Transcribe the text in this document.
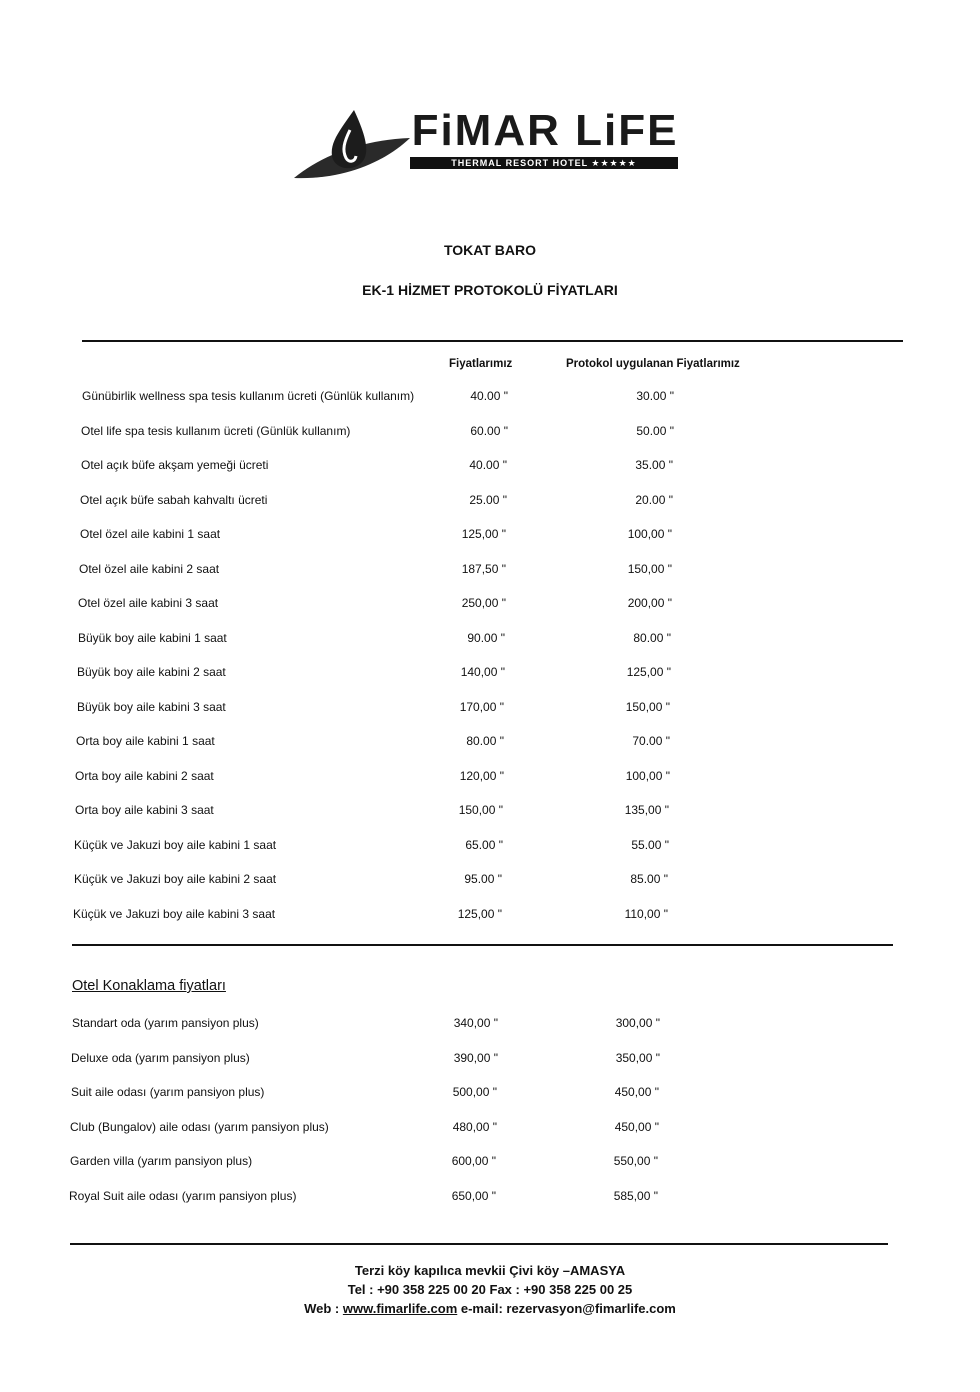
FiMAR LiFE
THERMAL RESORT HOTEL ★★★★★
TOKAT BARO
EK-1 HİZMET PROTOKOLÜ FİYATLARI
Fiyatlarımız	Protokol uygulanan Fiyatlarımız
Günübirlik wellness spa tesis kullanım ücreti (Günlük kullanım)	40.00 "	30.00 "
Otel life spa tesis kullanım ücreti (Günlük kullanım)	60.00 "	50.00 "
Otel açık büfe akşam yemeği ücreti	40.00 "	35.00 "
Otel açık büfe sabah kahvaltı ücreti	25.00 "	20.00 "
Otel özel aile kabini 1 saat	125,00 "	100,00 "
Otel özel aile kabini 2 saat	187,50 "	150,00 "
Otel özel aile kabini 3 saat	250,00 "	200,00 "
Büyük boy aile kabini 1 saat	90.00 "	80.00 "
Büyük boy aile kabini 2 saat	140,00 "	125,00 "
Büyük boy aile kabini 3 saat	170,00 "	150,00 "
Orta boy aile kabini 1 saat	80.00 "	70.00 "
Orta boy aile kabini 2 saat	120,00 "	100,00 "
Orta boy aile kabini 3 saat	150,00 "	135,00 "
Küçük ve Jakuzi boy aile kabini 1 saat	65.00 "	55.00 "
Küçük ve Jakuzi boy aile kabini 2 saat	95.00 "	85.00 "
Küçük ve Jakuzi boy aile kabini 3 saat	125,00 "	110,00 "
Otel Konaklama fiyatları
Standart oda (yarım pansiyon plus)	340,00 "	300,00 "
Deluxe oda (yarım pansiyon plus)	390,00 "	350,00 "
Suit aile odası (yarım pansiyon plus)	500,00 "	450,00 "
Club (Bungalov) aile odası (yarım pansiyon plus)	480,00 "	450,00 "
Garden villa (yarım pansiyon plus)	600,00 "	550,00 "
Royal Suit aile odası (yarım pansiyon plus)	650,00 "	585,00 "
Terzi köy kapılıca mevkii Çivi köy –AMASYA
Tel : +90 358 225 00 20 Fax : +90 358 225 00 25
Web : www.fimarlife.com e-mail: rezervasyon@fimarlife.com
